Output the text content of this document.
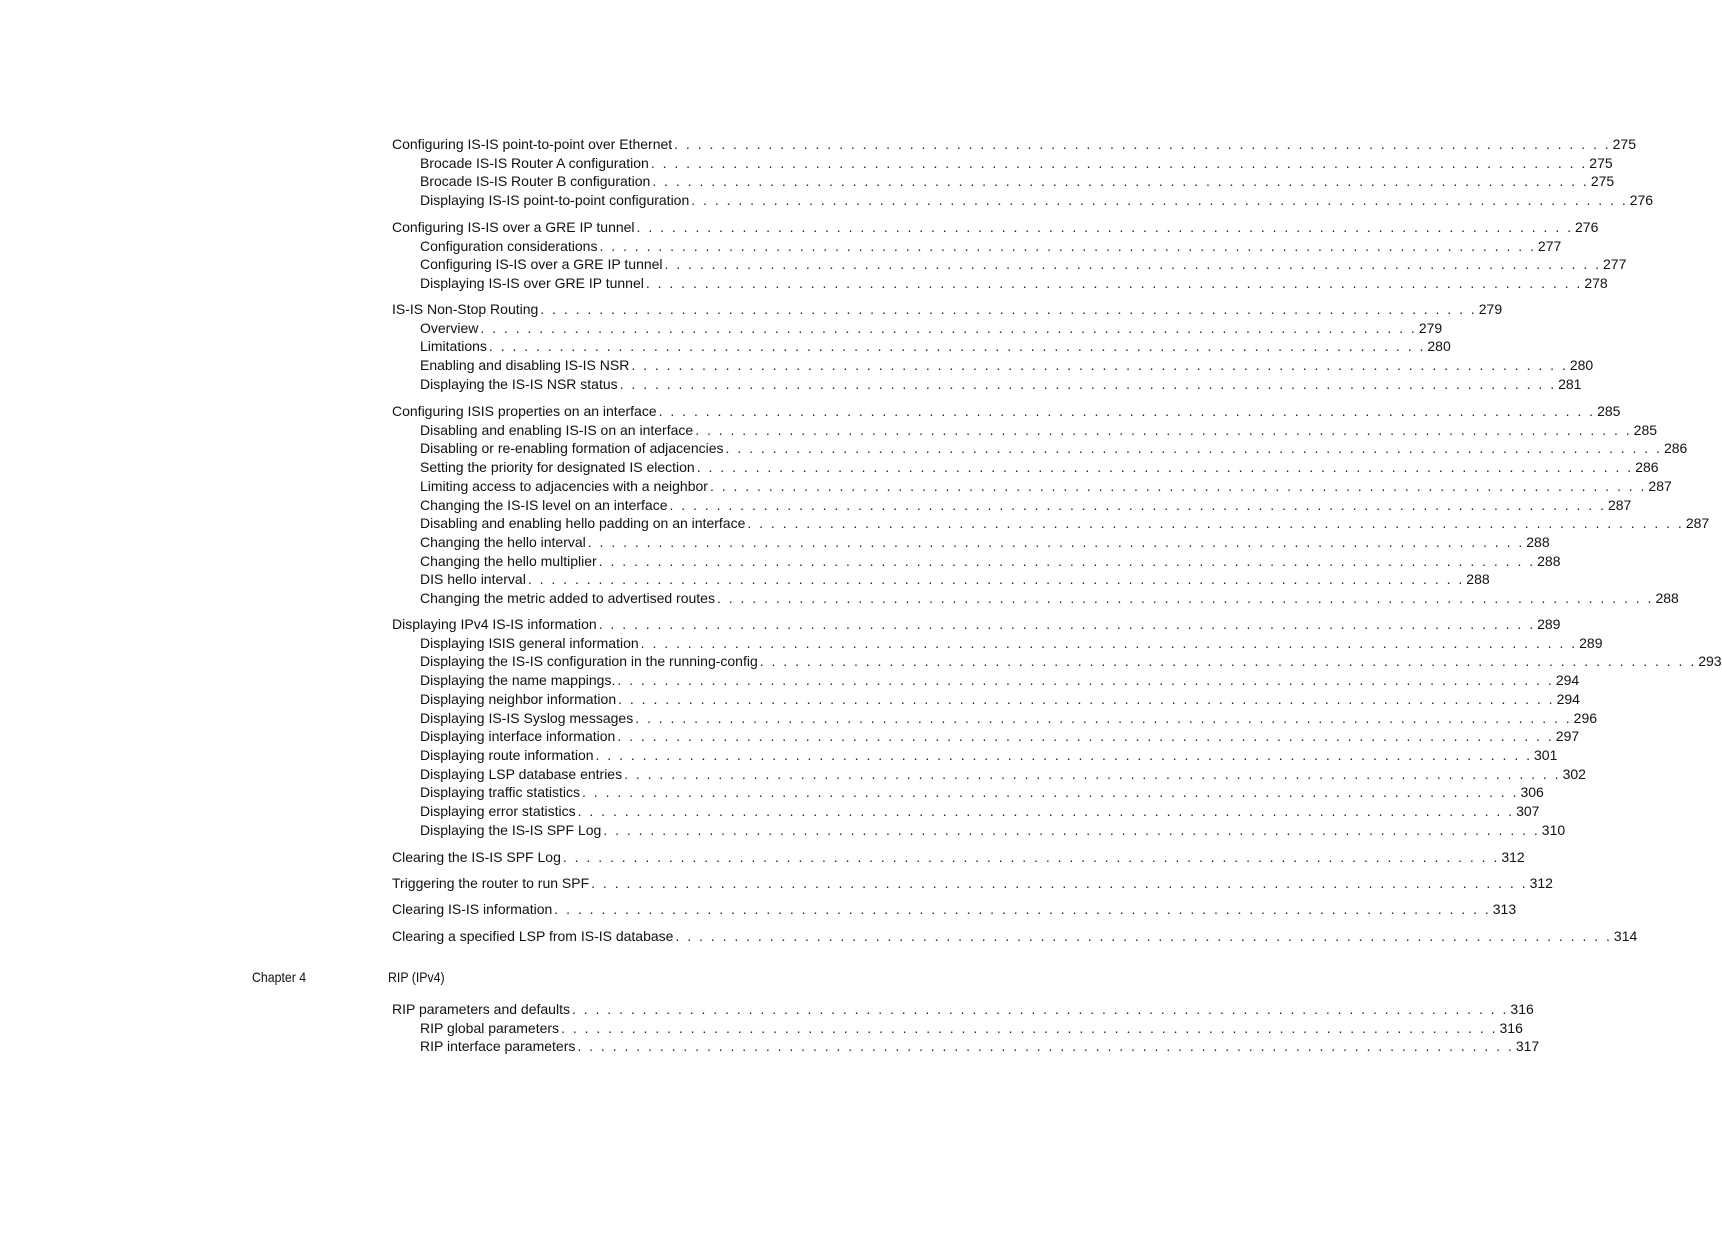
Configuring IS-IS point-to-point over Ethernet . . . . . . . . . . . . . . . . . . . . . . . . . . . . . . . . . . . . . . . . . . . . . . . . . . . . . . . . . . . . . . . . . . . . . . . . . . . . . . . . 275
Brocade IS-IS Router A configuration . . . . . . . . . . . . . . . . . . . . . . . . . . . . . . . . . . . . . . . . . . . . . . . . . . . . . . . . . . . . . . . . . . . . . . . . . . . . . . . . 275
Brocade IS-IS Router B configuration . . . . . . . . . . . . . . . . . . . . . . . . . . . . . . . . . . . . . . . . . . . . . . . . . . . . . . . . . . . . . . . . . . . . . . . . . . . . . . . . 275
Displaying IS-IS point-to-point configuration . . . . . . . . . . . . . . . . . . . . . . . . . . . . . . . . . . . . . . . . . . . . . . . . . . . . . . . . . . . . . . . . . . . . . . . . . . . . . . . . 276
Configuring IS-IS over a GRE IP tunnel . . . . . . . . . . . . . . . . . . . . . . . . . . . . . . . . . . . . . . . . . . . . . . . . . . . . . . . . . . . . . . . . . . . . . . . . . . . . . . . . 276
Configuration considerations . . . . . . . . . . . . . . . . . . . . . . . . . . . . . . . . . . . . . . . . . . . . . . . . . . . . . . . . . . . . . . . . . . . . . . . . . . . . . . . . 277
Configuring IS-IS over a GRE IP tunnel . . . . . . . . . . . . . . . . . . . . . . . . . . . . . . . . . . . . . . . . . . . . . . . . . . . . . . . . . . . . . . . . . . . . . . . . . . . . . . . . 277
Displaying IS-IS over GRE IP tunnel . . . . . . . . . . . . . . . . . . . . . . . . . . . . . . . . . . . . . . . . . . . . . . . . . . . . . . . . . . . . . . . . . . . . . . . . . . . . . . . . 278
IS-IS Non-Stop Routing . . . . . . . . . . . . . . . . . . . . . . . . . . . . . . . . . . . . . . . . . . . . . . . . . . . . . . . . . . . . . . . . . . . . . . . . . . . . . . . . 279
Overview . . . . . . . . . . . . . . . . . . . . . . . . . . . . . . . . . . . . . . . . . . . . . . . . . . . . . . . . . . . . . . . . . . . . . . . . . . . . . . . . 279
Limitations . . . . . . . . . . . . . . . . . . . . . . . . . . . . . . . . . . . . . . . . . . . . . . . . . . . . . . . . . . . . . . . . . . . . . . . . . . . . . . . . 280
Enabling and disabling IS-IS NSR . . . . . . . . . . . . . . . . . . . . . . . . . . . . . . . . . . . . . . . . . . . . . . . . . . . . . . . . . . . . . . . . . . . . . . . . . . . . . . . . 280
Displaying the IS-IS NSR status . . . . . . . . . . . . . . . . . . . . . . . . . . . . . . . . . . . . . . . . . . . . . . . . . . . . . . . . . . . . . . . . . . . . . . . . . . . . . . . . 281
Configuring ISIS properties on an interface . . . . . . . . . . . . . . . . . . . . . . . . . . . . . . . . . . . . . . . . . . . . . . . . . . . . . . . . . . . . . . . . . . . . . . . . . . . . . . . . 285
Disabling and enabling IS-IS on an interface . . . . . . . . . . . . . . . . . . . . . . . . . . . . . . . . . . . . . . . . . . . . . . . . . . . . . . . . . . . . . . . . . . . . . . . . . . . . . . . . 285
Disabling or re-enabling formation of adjacencies . . . . . . . . . . . . . . . . . . . . . . . . . . . . . . . . . . . . . . . . . . . . . . . . . . . . . . . . . . . . . . . . . . . . . . . . . . . . . . . . 286
Setting the priority for designated IS election . . . . . . . . . . . . . . . . . . . . . . . . . . . . . . . . . . . . . . . . . . . . . . . . . . . . . . . . . . . . . . . . . . . . . . . . . . . . . . . . 286
Limiting access to adjacencies with a neighbor . . . . . . . . . . . . . . . . . . . . . . . . . . . . . . . . . . . . . . . . . . . . . . . . . . . . . . . . . . . . . . . . . . . . . . . . . . . . . . . . 287
Changing the IS-IS level on an interface . . . . . . . . . . . . . . . . . . . . . . . . . . . . . . . . . . . . . . . . . . . . . . . . . . . . . . . . . . . . . . . . . . . . . . . . . . . . . . . . 287
Disabling and enabling hello padding on an interface . . . . . . . . . . . . . . . . . . . . . . . . . . . . . . . . . . . . . . . . . . . . . . . . . . . . . . . . . . . . . . . . . . . . . . . . . . . . . . . . 287
Changing the hello interval . . . . . . . . . . . . . . . . . . . . . . . . . . . . . . . . . . . . . . . . . . . . . . . . . . . . . . . . . . . . . . . . . . . . . . . . . . . . . . . . 288
Changing the hello multiplier . . . . . . . . . . . . . . . . . . . . . . . . . . . . . . . . . . . . . . . . . . . . . . . . . . . . . . . . . . . . . . . . . . . . . . . . . . . . . . . . 288
DIS hello interval . . . . . . . . . . . . . . . . . . . . . . . . . . . . . . . . . . . . . . . . . . . . . . . . . . . . . . . . . . . . . . . . . . . . . . . . . . . . . . . . 288
Changing the metric added to advertised routes . . . . . . . . . . . . . . . . . . . . . . . . . . . . . . . . . . . . . . . . . . . . . . . . . . . . . . . . . . . . . . . . . . . . . . . . . . . . . . . . 288
Displaying IPv4 IS-IS information . . . . . . . . . . . . . . . . . . . . . . . . . . . . . . . . . . . . . . . . . . . . . . . . . . . . . . . . . . . . . . . . . . . . . . . . . . . . . . . . 289
Displaying ISIS general information . . . . . . . . . . . . . . . . . . . . . . . . . . . . . . . . . . . . . . . . . . . . . . . . . . . . . . . . . . . . . . . . . . . . . . . . . . . . . . . . 289
Displaying the IS-IS configuration in the running-config . . . . . . . . . . . . . . . . . . . . . . . . . . . . . . . . . . . . . . . . . . . . . . . . . . . . . . . . . . . . . . . . . . . . . . . . . . . . . . . . 293
Displaying the name mappings. . . . . . . . . . . . . . . . . . . . . . . . . . . . . . . . . . . . . . . . . . . . . . . . . . . . . . . . . . . . . . . . . . . . . . . . . . . . . . . . . 294
Displaying neighbor information . . . . . . . . . . . . . . . . . . . . . . . . . . . . . . . . . . . . . . . . . . . . . . . . . . . . . . . . . . . . . . . . . . . . . . . . . . . . . . . . 294
Displaying IS-IS Syslog messages . . . . . . . . . . . . . . . . . . . . . . . . . . . . . . . . . . . . . . . . . . . . . . . . . . . . . . . . . . . . . . . . . . . . . . . . . . . . . . . . 296
Displaying interface information . . . . . . . . . . . . . . . . . . . . . . . . . . . . . . . . . . . . . . . . . . . . . . . . . . . . . . . . . . . . . . . . . . . . . . . . . . . . . . . . 297
Displaying route information . . . . . . . . . . . . . . . . . . . . . . . . . . . . . . . . . . . . . . . . . . . . . . . . . . . . . . . . . . . . . . . . . . . . . . . . . . . . . . . . 301
Displaying LSP database entries . . . . . . . . . . . . . . . . . . . . . . . . . . . . . . . . . . . . . . . . . . . . . . . . . . . . . . . . . . . . . . . . . . . . . . . . . . . . . . . . 302
Displaying traffic statistics . . . . . . . . . . . . . . . . . . . . . . . . . . . . . . . . . . . . . . . . . . . . . . . . . . . . . . . . . . . . . . . . . . . . . . . . . . . . . . . . 306
Displaying error statistics . . . . . . . . . . . . . . . . . . . . . . . . . . . . . . . . . . . . . . . . . . . . . . . . . . . . . . . . . . . . . . . . . . . . . . . . . . . . . . . . 307
Displaying the IS-IS SPF Log . . . . . . . . . . . . . . . . . . . . . . . . . . . . . . . . . . . . . . . . . . . . . . . . . . . . . . . . . . . . . . . . . . . . . . . . . . . . . . . . 310
Clearing the IS-IS SPF Log . . . . . . . . . . . . . . . . . . . . . . . . . . . . . . . . . . . . . . . . . . . . . . . . . . . . . . . . . . . . . . . . . . . . . . . . . . . . . . . . 312
Triggering the router to run SPF . . . . . . . . . . . . . . . . . . . . . . . . . . . . . . . . . . . . . . . . . . . . . . . . . . . . . . . . . . . . . . . . . . . . . . . . . . . . . . . . 312
Clearing IS-IS information . . . . . . . . . . . . . . . . . . . . . . . . . . . . . . . . . . . . . . . . . . . . . . . . . . . . . . . . . . . . . . . . . . . . . . . . . . . . . . . . 313
Clearing a specified LSP from IS-IS database . . . . . . . . . . . . . . . . . . . . . . . . . . . . . . . . . . . . . . . . . . . . . . . . . . . . . . . . . . . . . . . . . . . . . . . . . . . . . . . . 314
RIP parameters and defaults . . . . . . . . . . . . . . . . . . . . . . . . . . . . . . . . . . . . . . . . . . . . . . . . . . . . . . . . . . . . . . . . . . . . . . . . . . . . . . . . 316
RIP global parameters . . . . . . . . . . . . . . . . . . . . . . . . . . . . . . . . . . . . . . . . . . . . . . . . . . . . . . . . . . . . . . . . . . . . . . . . . . . . . . . . 316
RIP interface parameters . . . . . . . . . . . . . . . . . . . . . . . . . . . . . . . . . . . . . . . . . . . . . . . . . . . . . . . . . . . . . . . . . . . . . . . . . . . . . . . . 317
Chapter 4	RIP (IPv4)
